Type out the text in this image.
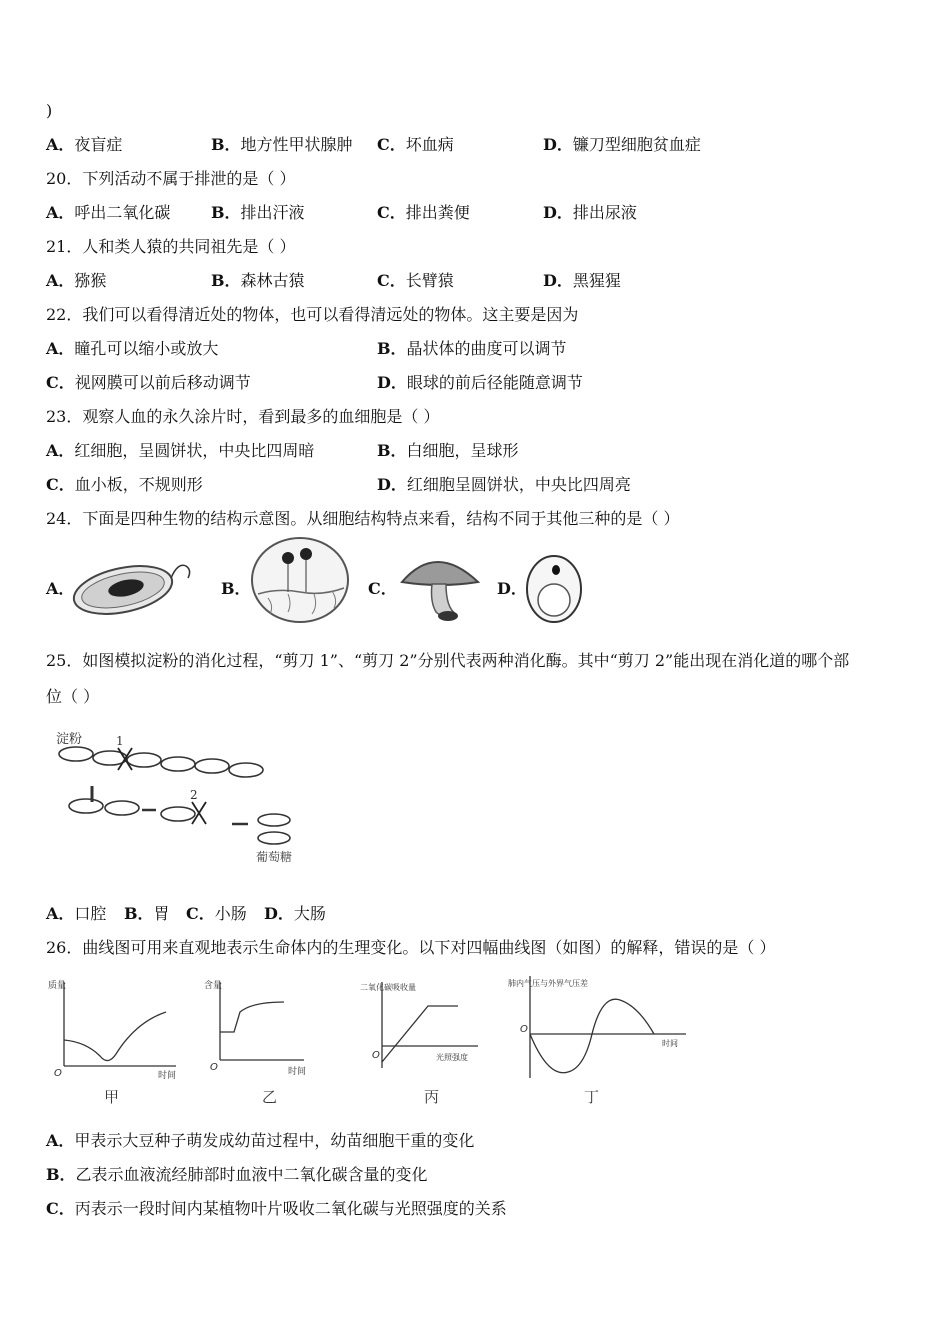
)
A．夜盲症	B．地方性甲状腺肿 C．坏血病	D．镰刀型细胞贫血症
20．下列活动不属于排泄的是（ ）
A．呼出二氧化碳	B．排出汗液	C．排出粪便	D．排出尿液
21．人和类人猿的共同祖先是（ ）
A．猕猴	B．森林古猿	C．长臂猿	D．黑猩猩
22．我们可以看得清近处的物体，也可以看得清远处的物体。这主要是因为
A．瞳孔可以缩小或放大	B．晶状体的曲度可以调节
C．视网膜可以前后移动调节	D．眼球的前后径能随意调节
23．观察人血的永久涂片时，看到最多的血细胞是（ ）
A．红细胞，呈圆饼状，中央比四周暗	B．白细胞，呈球形
C．血小板，不规则形	D．红细胞呈圆饼状，中央比四周亮
24．下面是四种生物的结构示意图。从细胞结构特点来看，结构不同于其他三种的是（ ）
A．	B．	C．	D．
25．如图模拟淀粉的消化过程，“剪刀 1”、“剪刀 2”分别代表两种消化酶。其中“剪刀 2”能出现在消化道的哪个部
位（ ）
淀粉	1
2
葡萄糖
A．口腔 B．胃 C．小肠 D．大肠
26．曲线图可用来直观地表示生命体内的生理变化。以下对四幅曲线图（如图）的解释，错误的是（ ）
质量
O	时间
甲
含量
O	时间
乙
二氧化碳吸收量
O	光照强度
丙
肺内气压与外界气压差
O
时间
丁
A．甲表示大豆种子萌发成幼苗过程中，幼苗细胞干重的变化
B．乙表示血液流经肺部时血液中二氧化碳含量的变化
C．丙表示一段时间内某植物叶片吸收二氧化碳与光照强度的关系
